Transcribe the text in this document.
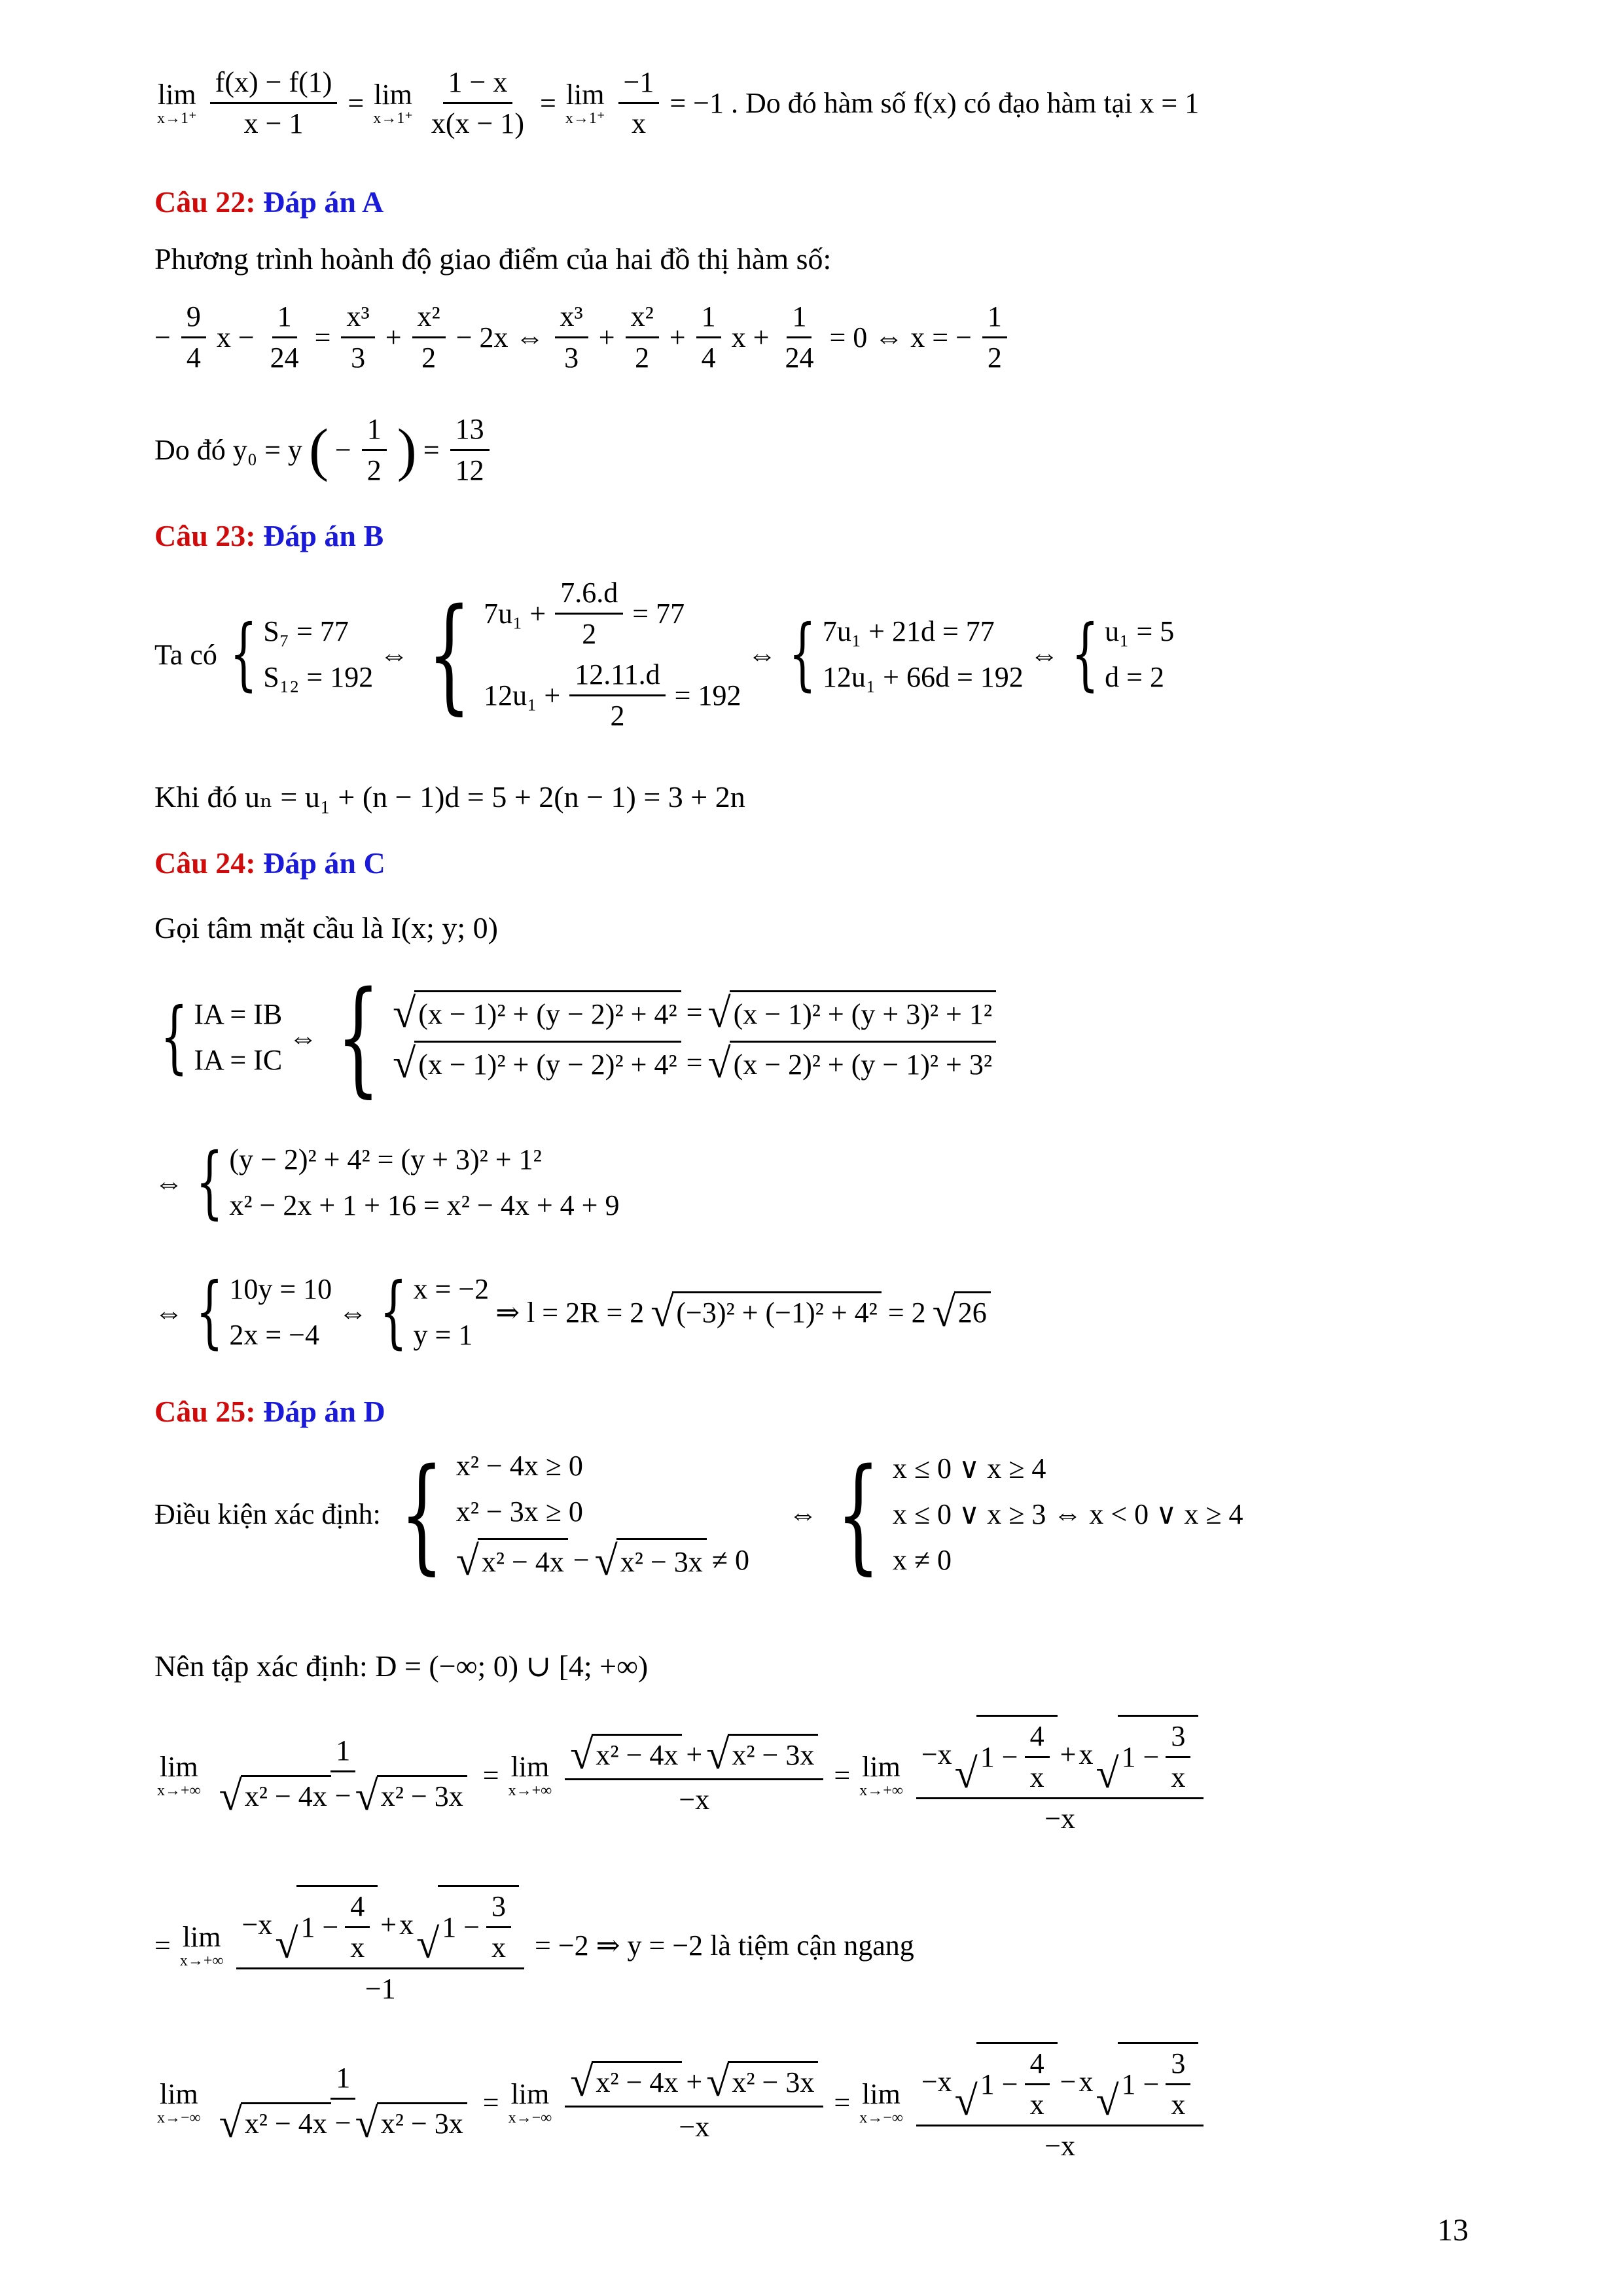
lim
$x\to 1^+ \frac{f(x) - f(1)}{x - 1} = \lim$
$x\to 1^+ \frac{1 - x}{x(x - 1)} = \lim$
$x\to 1^+ \frac{-1}{x} = -1$ . Do đó hàm số f(x) có đạo hàm tại x = 1
Câu 22: Đáp án A
Phương trình hoành độ giao điểm của hai đồ thị hàm số:
− $\frac{9}{4}$ $x - \frac{1}{24} = \frac{\text{x³}}{3} + \frac{\text{x²}}{2} - 2x$ ⇔ $\frac{\text{x³}}{3} + \frac{\text{x²}}{2} + \frac{1}{4}$ $x + \frac{1}{24} = 0$ ⇔ x = − $\frac{1}{2}$
Do đó y₀ = y ( − $\frac{1}{2}$ ) = $\frac{13}{12}$
Câu 23: Đáp án B
Ta có { S₇ = 77
S₁₂ = 192
⇔ { $7u_1 + \frac{7.6.d}{2} = 77$
$12u_1 + \frac{12.11.d}{2} = 192$
⇔ { 7u₁ + 21d = 77
12u₁ + 66d = 192
⇔ { u₁ = 5
d = 2
Khi đó uₙ = u₁ + (n − 1)d = 5 + 2(n − 1) = 3 + 2n
Câu 24: Đáp án C
Gọi tâm mặt cầu là I(x; y; 0)
{ IA = IB
IA = IC
⇔ { √ (x − 1)² + (y − 2)² + 4² = √ (x − 1)² + (y + 3)² + 1²
√ (x − 1)² + (y − 2)² + 4² = √ (x − 2)² + (y − 1)² + 3²
⇔ { (y − 2)² + 4² = (y + 3)² + 1²
x² − 2x + 1 + 16 = x² − 4x + 4 + 9
⇔ { 10y = 10
2x = −4
⇔ { x = −2
y = 1
⇒ l = 2R = 2 √ (−3)² + (−1)² + 4² = 2 √ 26
Câu 25: Đáp án D
Điều kiện xác định: { x² − 4x ≥ 0
x² − 3x ≥ 0
√ x² − 4x − √ x² − 3x ≠ 0
⇔ { x ≤ 0 ∨ x ≥ 4
x ≤ 0 ∨ x ≥ 3 ⇔ x < 0 ∨ x ≥ 4
x ≠ 0
Nên tập xác định: D = (−∞; 0) ∪ [4; +∞)
lim
$x\to+\infty \frac{1}{\text{√ x² − 4x − √ x² − 3x}} = \lim$
$x\to+\infty \frac{\text{√ x² − 4x + √ x² − 3x}}{-x} = \lim$
$x\to+\infty \frac{-x √ 1 - \frac{4}{x} + x √ 1 - \frac{3}{x}}{-x}$
= lim
$x\to+\infty \frac{-x √ 1 - \frac{4}{x} + x √ 1 - \frac{3}{x}}{-1} = -2$ ⇒ y = −2 là tiệm cận ngang
lim
$x\to-\infty \frac{1}{\text{√ x² − 4x − √ x² − 3x}} = \lim$
$x\to-\infty \frac{\text{√ x² − 4x + √ x² − 3x}}{-x} = \lim$
$x\to-\infty \frac{-x √ 1 - \frac{4}{x} - x √ 1 - \frac{3}{x}}{-x}$
13
